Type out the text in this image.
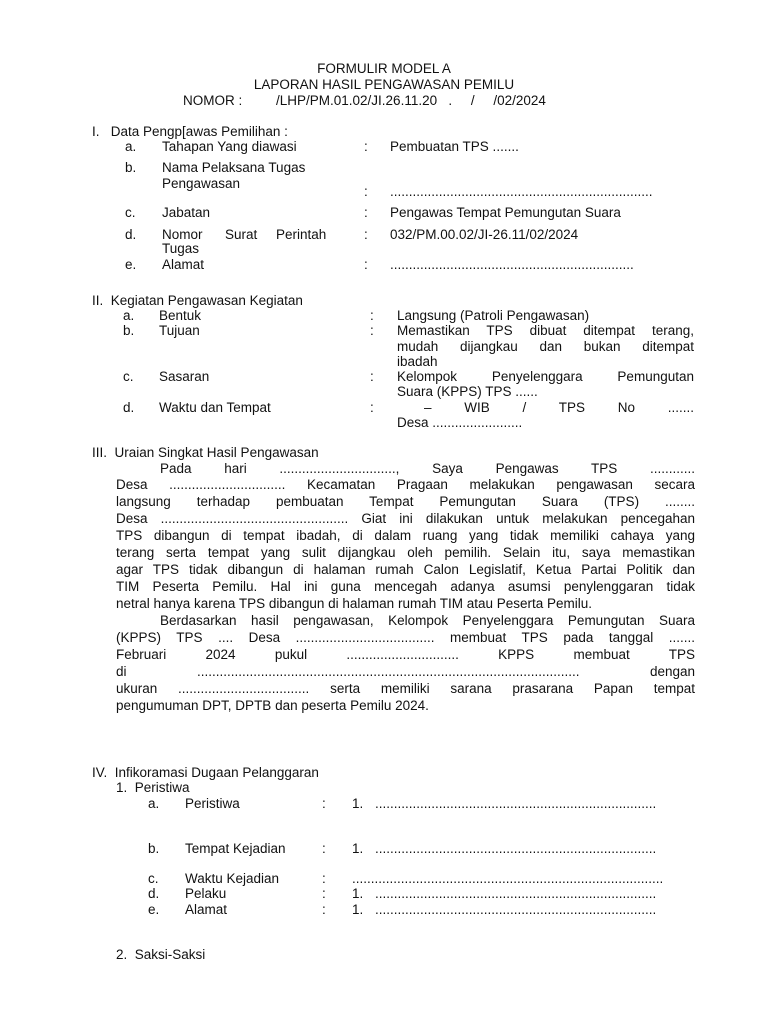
FORMULIR MODEL A
LAPORAN HASIL PENGAWASAN PEMILU
NOMOR :	/LHP/PM.01.02/JI.26.11.20   .     /     /02/2024
I.   Data Pengp[awas Pemilihan :
a. Tahapan Yang diawasi	: Pembuatan TPS .......
b. Nama Pelaksana Tugas
Pengawasan
: ......................................................................
c. Jabatan	: Pengawas Tempat Pemungutan Suara
d. Nomor      Surat     Perintah
Tugas
: 032/PM.00.02/JI-26.11/02/2024
e. Alamat	: .................................................................
II.  Kegiatan Pengawasan Kegiatan
a. Bentuk	: Langsung (Patroli Pengawasan)
b. Tujuan	: Memastikan TPS dibuat ditempat terang,
mudah dijangkau dan bukan ditempat
ibadah
c. Sasaran	: Kelompok Penyelenggara Pemungutan
Suara (KPPS) TPS ......
d. Waktu dan Tempat	:	– WIB / TPS No .......
Desa ........................
III.  Uraian Singkat Hasil Pengawasan
Pada hari ..............................., Saya Pengawas TPS ............
Desa ............................... Kecamatan Pragaan melakukan pengawasan secara
langsung terhadap pembuatan Tempat Pemungutan Suara (TPS) ........
Desa .................................................. Giat ini dilakukan untuk melakukan pencegahan
TPS dibangun di tempat ibadah, di dalam ruang yang tidak memiliki cahaya yang
terang serta tempat yang sulit dijangkau oleh pemilih. Selain itu, saya memastikan
agar TPS tidak dibangun di halaman rumah Calon Legislatif, Ketua Partai Politik dan
TIM Peserta Pemilu. Hal ini guna mencegah adanya asumsi penylenggaran tidak
netral hanya karena TPS dibangun di halaman rumah TIM atau Peserta Pemilu.
Berdasarkan hasil pengawasan, Kelompok Penyelenggara Pemungutan Suara
(KPPS) TPS .... Desa ..................................... membuat TPS pada tanggal .......
Februari 2024 pukul .............................. KPPS membuat TPS
di ...................................................................................................... dengan
ukuran ................................... serta memiliki sarana prasarana Papan tempat
pengumuman DPT, DPTB dan peserta Pemilu 2024.
IV.  Infikoramasi Dugaan Pelanggaran
1.  Peristiwa
a. Peristiwa	: 1. ...........................................................................
b. Tempat Kejadian	: 1. ...........................................................................
c. Waktu Kejadian	: ...................................................................................
d. Pelaku	: 1. ...........................................................................
e. Alamat	: 1. ...........................................................................
2.  Saksi-Saksi
